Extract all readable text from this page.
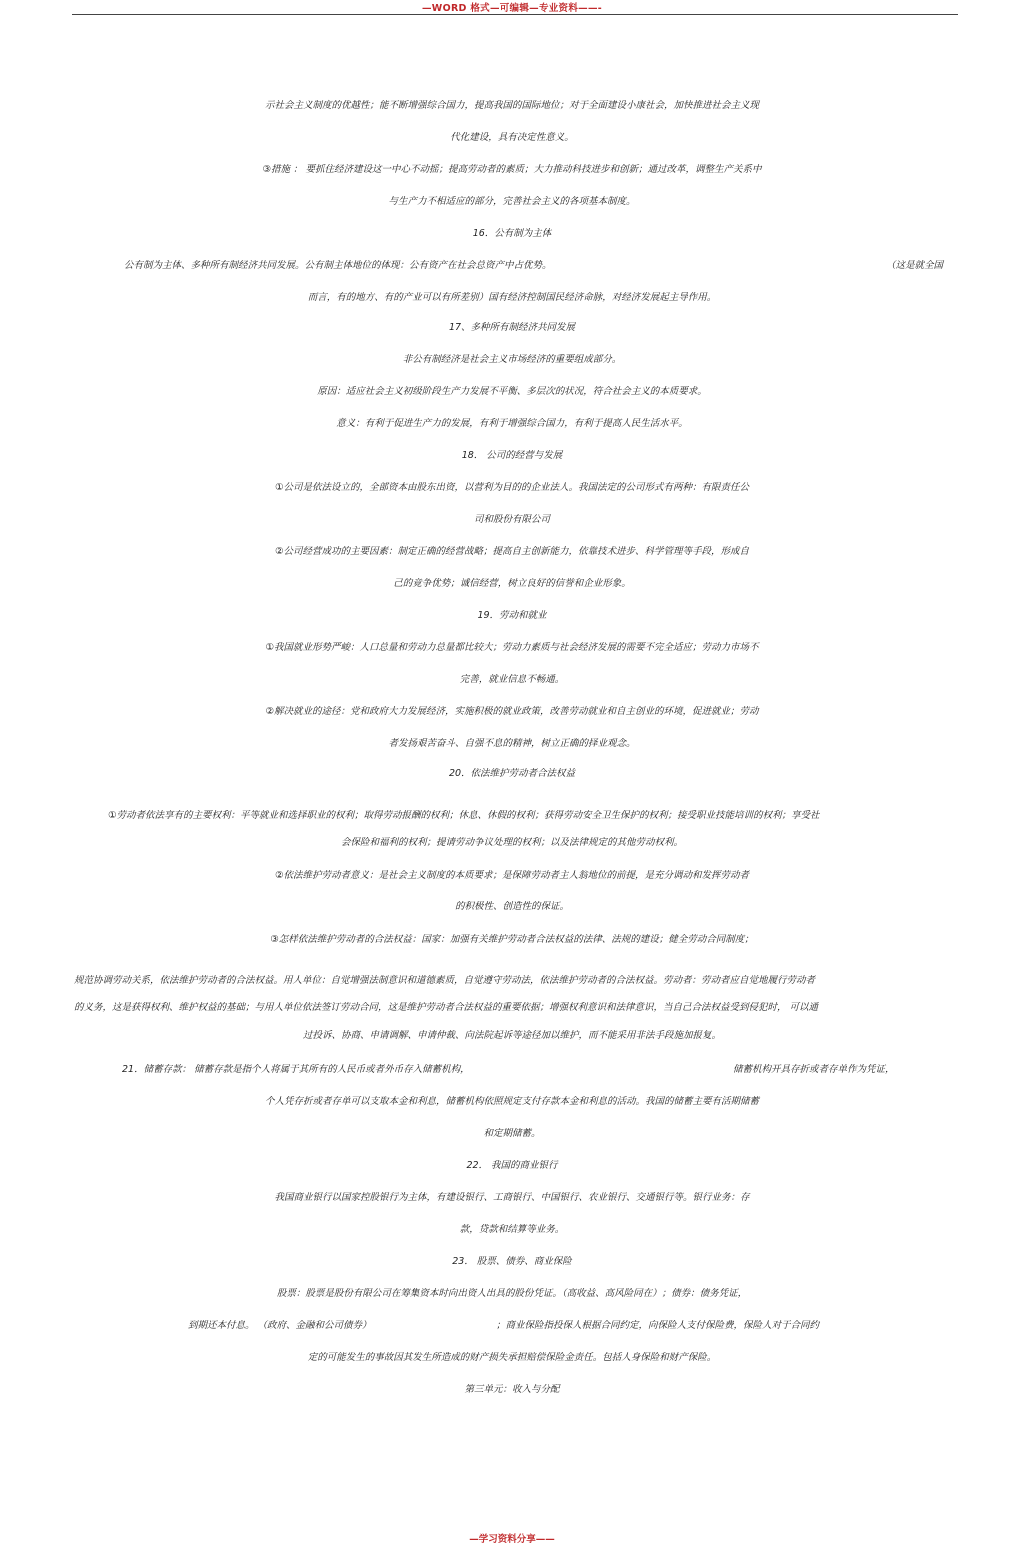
—WORD 格式—可编辑—专业资料——-
示社会主义制度的优越性；能不断增强综合国力，提高我国的国际地位；对于全面建设小康社会，加快推进社会主义现
代化建设，具有决定性意义。
③措施 ： 要抓住经济建设这一中心不动摇；提高劳动者的素质；大力推动科技进步和创新；通过改革，调整生产关系中
与生产力不相适应的部分，完善社会主义的各项基本制度。
16．公有制为主体
公有制为主体、多种所有制经济共同发展。公有制主体地位的体现：公有资产在社会总资产中占优势。	（这是就全国
而言，有的地方、有的产业可以有所差别）国有经济控制国民经济命脉，对经济发展起主导作用。
17、多种所有制经济共同发展
非公有制经济是社会主义市场经济的重要组成部分。
原因：适应社会主义初级阶段生产力发展不平衡、多层次的状况，符合社会主义的本质要求。
意义：有利于促进生产力的发展，有利于增强综合国力，有利于提高人民生活水平。
18． 公司的经营与发展
①公司是依法设立的，全部资本由股东出资，以营利为目的的企业法人。我国法定的公司形式有两种：有限责任公
司和股份有限公司
②公司经营成功的主要因素：制定正确的经营战略；提高自主创新能力，依靠技术进步、科学管理等手段，形成自
己的竞争优势；诚信经营，树立良好的信誉和企业形象。
19．劳动和就业
①我国就业形势严峻：人口总量和劳动力总量都比较大；劳动力素质与社会经济发展的需要不完全适应；劳动力市场不
完善，就业信息不畅通。
②解决就业的途径：党和政府大力发展经济，实施积极的就业政策，改善劳动就业和自主创业的环境，促进就业；劳动
者发扬艰苦奋斗、自强不息的精神，树立正确的择业观念。
20．依法维护劳动者合法权益
①劳动者依法享有的主要权利：平等就业和选择职业的权利；取得劳动报酬的权利；休息、休假的权利；获得劳动安全卫生保护的权利；接受职业技能培训的权利；享受社
会保险和福利的权利；提请劳动争议处理的权利；以及法律规定的其他劳动权利。
②依法维护劳动者意义：是社会主义制度的本质要求；是保障劳动者主人翁地位的前提，是充分调动和发挥劳动者
的积极性、创造性的保证。
③怎样依法维护劳动者的合法权益：国家：加强有关维护劳动者合法权益的法律、法规的建设；健全劳动合同制度；
规范协调劳动关系，依法维护劳动者的合法权益。用人单位：自觉增强法制意识和道德素质，自觉遵守劳动法，依法维护劳动者的合法权益。劳动者：劳动者应自觉地履行劳动者
的义务，这是获得权利、维护权益的基础；与用人单位依法签订劳动合同，这是维护劳动者合法权益的重要依据；增强权利意识和法律意识，当自己合法权益受到侵犯时， 可以通
过投诉、协商、申请调解、申请仲裁、向法院起诉等途径加以维护，而不能采用非法手段施加报复。
21．储蓄存款： 储蓄存款是指个人将属于其所有的人民币或者外币存入储蓄机构，	储蓄机构开具存折或者存单作为凭证，
个人凭存折或者存单可以支取本金和利息，储蓄机构依照规定支付存款本金和利息的活动。我国的储蓄主要有活期储蓄
和定期储蓄。
22． 我国的商业银行
我国商业银行以国家控股银行为主体，有建设银行、工商银行、中国银行、农业银行、交通银行等。银行业务：存
款，贷款和结算等业务。
23． 股票、债券、商业保险
股票：股票是股份有限公司在筹集资本时向出资人出具的股份凭证。（高收益、高风险同在）；债券：债务凭证，
到期还本付息。 （政府、金融和公司债券）	；商业保险指投保人根据合同约定，向保险人支付保险费，保险人对于合同约
定的可能发生的事故因其发生所造成的财产损失承担赔偿保险金责任。包括人身保险和财产保险。
第三单元：收入与分配
—学习资料分享——
